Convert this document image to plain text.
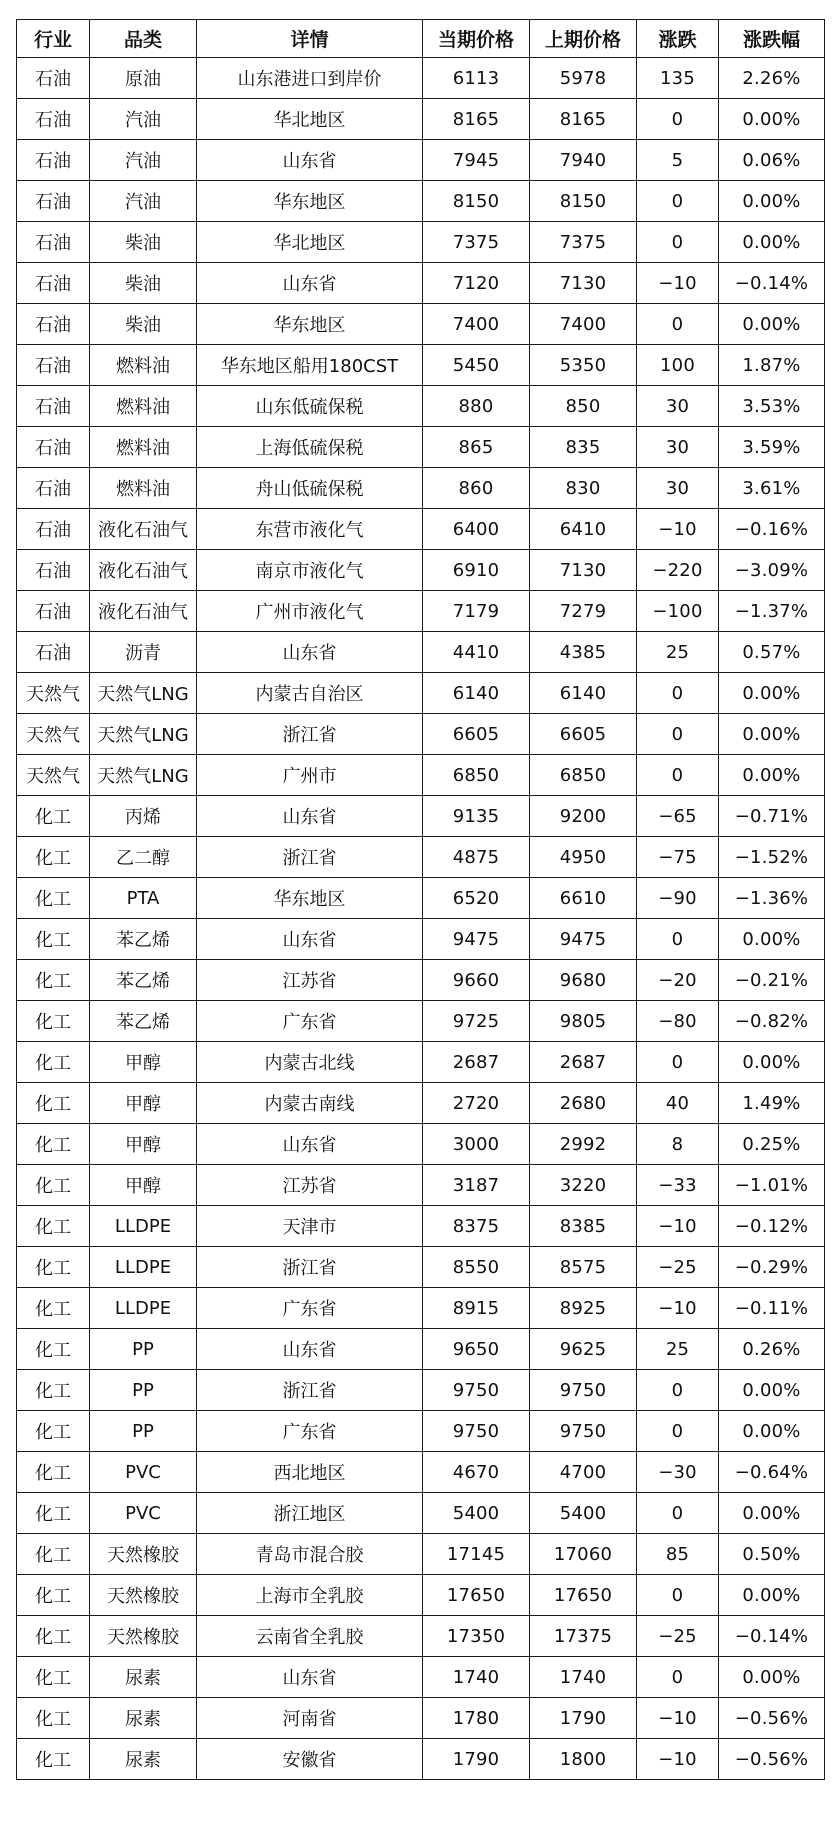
行业	品类	详情	当期价格	上期价格	涨跌	涨跌幅
石油	原油	山东港进口到岸价	6113	5978	135	2.26%
石油	汽油	华北地区	8165	8165	0	0.00%
石油	汽油	山东省	7945	7940	5	0.06%
石油	汽油	华东地区	8150	8150	0	0.00%
石油	柴油	华北地区	7375	7375	0	0.00%
石油	柴油	山东省	7120	7130	−10	−0.14%
石油	柴油	华东地区	7400	7400	0	0.00%
石油	燃料油	华东地区船用180CST	5450	5350	100	1.87%
石油	燃料油	山东低硫保税	880	850	30	3.53%
石油	燃料油	上海低硫保税	865	835	30	3.59%
石油	燃料油	舟山低硫保税	860	830	30	3.61%
石油	液化石油气	东营市液化气	6400	6410	−10	−0.16%
石油	液化石油气	南京市液化气	6910	7130	−220	−3.09%
石油	液化石油气	广州市液化气	7179	7279	−100	−1.37%
石油	沥青	山东省	4410	4385	25	0.57%
天然气	天然气LNG	内蒙古自治区	6140	6140	0	0.00%
天然气	天然气LNG	浙江省	6605	6605	0	0.00%
天然气	天然气LNG	广州市	6850	6850	0	0.00%
化工	丙烯	山东省	9135	9200	−65	−0.71%
化工	乙二醇	浙江省	4875	4950	−75	−1.52%
化工	PTA	华东地区	6520	6610	−90	−1.36%
化工	苯乙烯	山东省	9475	9475	0	0.00%
化工	苯乙烯	江苏省	9660	9680	−20	−0.21%
化工	苯乙烯	广东省	9725	9805	−80	−0.82%
化工	甲醇	内蒙古北线	2687	2687	0	0.00%
化工	甲醇	内蒙古南线	2720	2680	40	1.49%
化工	甲醇	山东省	3000	2992	8	0.25%
化工	甲醇	江苏省	3187	3220	−33	−1.01%
化工	LLDPE	天津市	8375	8385	−10	−0.12%
化工	LLDPE	浙江省	8550	8575	−25	−0.29%
化工	LLDPE	广东省	8915	8925	−10	−0.11%
化工	PP	山东省	9650	9625	25	0.26%
化工	PP	浙江省	9750	9750	0	0.00%
化工	PP	广东省	9750	9750	0	0.00%
化工	PVC	西北地区	4670	4700	−30	−0.64%
化工	PVC	浙江地区	5400	5400	0	0.00%
化工	天然橡胶	青岛市混合胶	17145	17060	85	0.50%
化工	天然橡胶	上海市全乳胶	17650	17650	0	0.00%
化工	天然橡胶	云南省全乳胶	17350	17375	−25	−0.14%
化工	尿素	山东省	1740	1740	0	0.00%
化工	尿素	河南省	1780	1790	−10	−0.56%
化工	尿素	安徽省	1790	1800	−10	−0.56%
